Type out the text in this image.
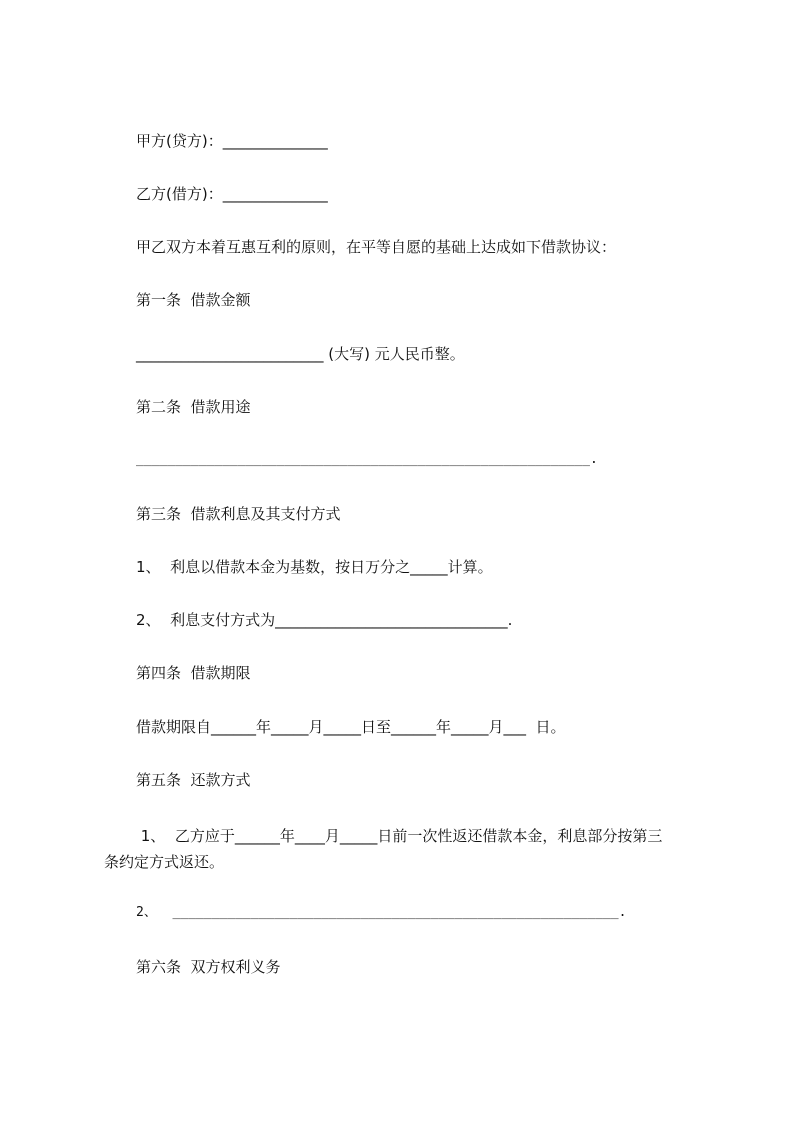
甲方(贷方)：______________
乙方(借方)：______________
甲乙双方本着互惠互利的原则，在平等自愿的基础上达成如下借款协议：
第一条  借款金额
_________________________ (大写) 元人民币整。
第二条  借款用途
__________________________________________________________.
第三条  借款利息及其支付方式
1、  利息以借款本金为基数，按日万分之_____计算。
2、  利息支付方式为_______________________________.
第四条  借款期限
借款期限自______年_____月_____日至______年_____月___  日。
第五条  还款方式
1、  乙方应于______年____月_____日前一次性返还借款本金，利息部分按第三
条约定方式返还。
2、  _________________________________________________________.
第六条  双方权利义务
